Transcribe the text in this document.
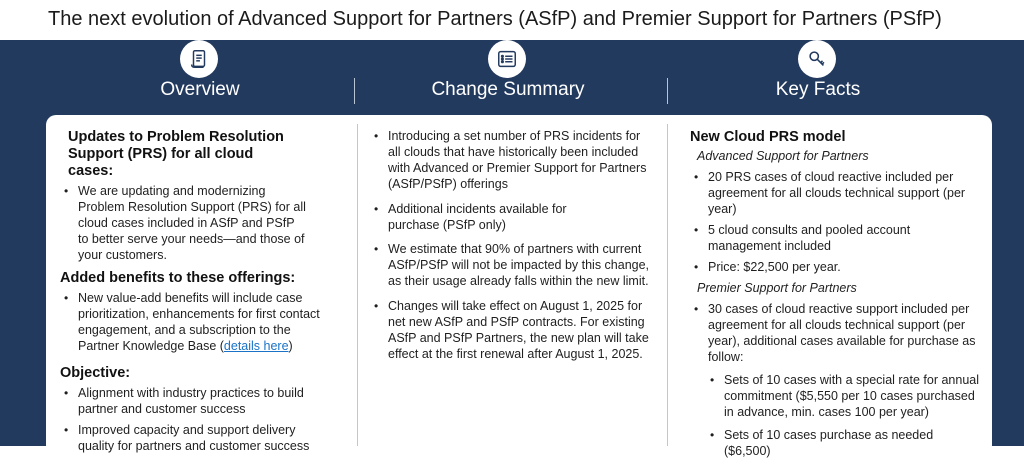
The next evolution of Advanced Support for Partners (ASfP) and Premier Support for Partners (PSfP)
Overview	Change Summary	Key Facts
Updates to Problem Resolution Support (PRS) for all cloud cases:
• We are updating and modernizing Problem Resolution Support (PRS) for all cloud cases included in ASfP and PSfP to better serve your needs—and those of your customers.
Added benefits to these offerings:
• New value-add benefits will include case prioritization, enhancements for first contact engagement, and a subscription to the Partner Knowledge Base (details here)
Objective:
• Alignment with industry practices to build partner and customer success
• Improved capacity and support delivery quality for partners and customer success
• Introducing a set number of PRS incidents for all clouds that have historically been included with Advanced or Premier Support for Partners (ASfP/PSfP) offerings
• Additional incidents available for purchase (PSfP only)
• We estimate that 90% of partners with current ASfP/PSfP will not be impacted by this change, as their usage already falls within the new limit.
• Changes will take effect on August 1, 2025 for net new ASfP and PSfP contracts. For existing ASfP and PSfP Partners, the new plan will take effect at the first renewal after August 1, 2025.
New Cloud PRS model
Advanced Support for Partners
• 20 PRS cases of cloud reactive included per agreement for all clouds technical support (per year)
• 5 cloud consults and pooled account management included
• Price: $22,500 per year.
Premier Support for Partners
• 30 cases of cloud reactive support included per agreement for all clouds technical support (per year), additional cases available for purchase as follow:
• Sets of 10 cases with a special rate for annual commitment ($5,550 per 10 cases purchased in advance, min. cases 100 per year)
• Sets of 10 cases purchase as needed ($6,500)
